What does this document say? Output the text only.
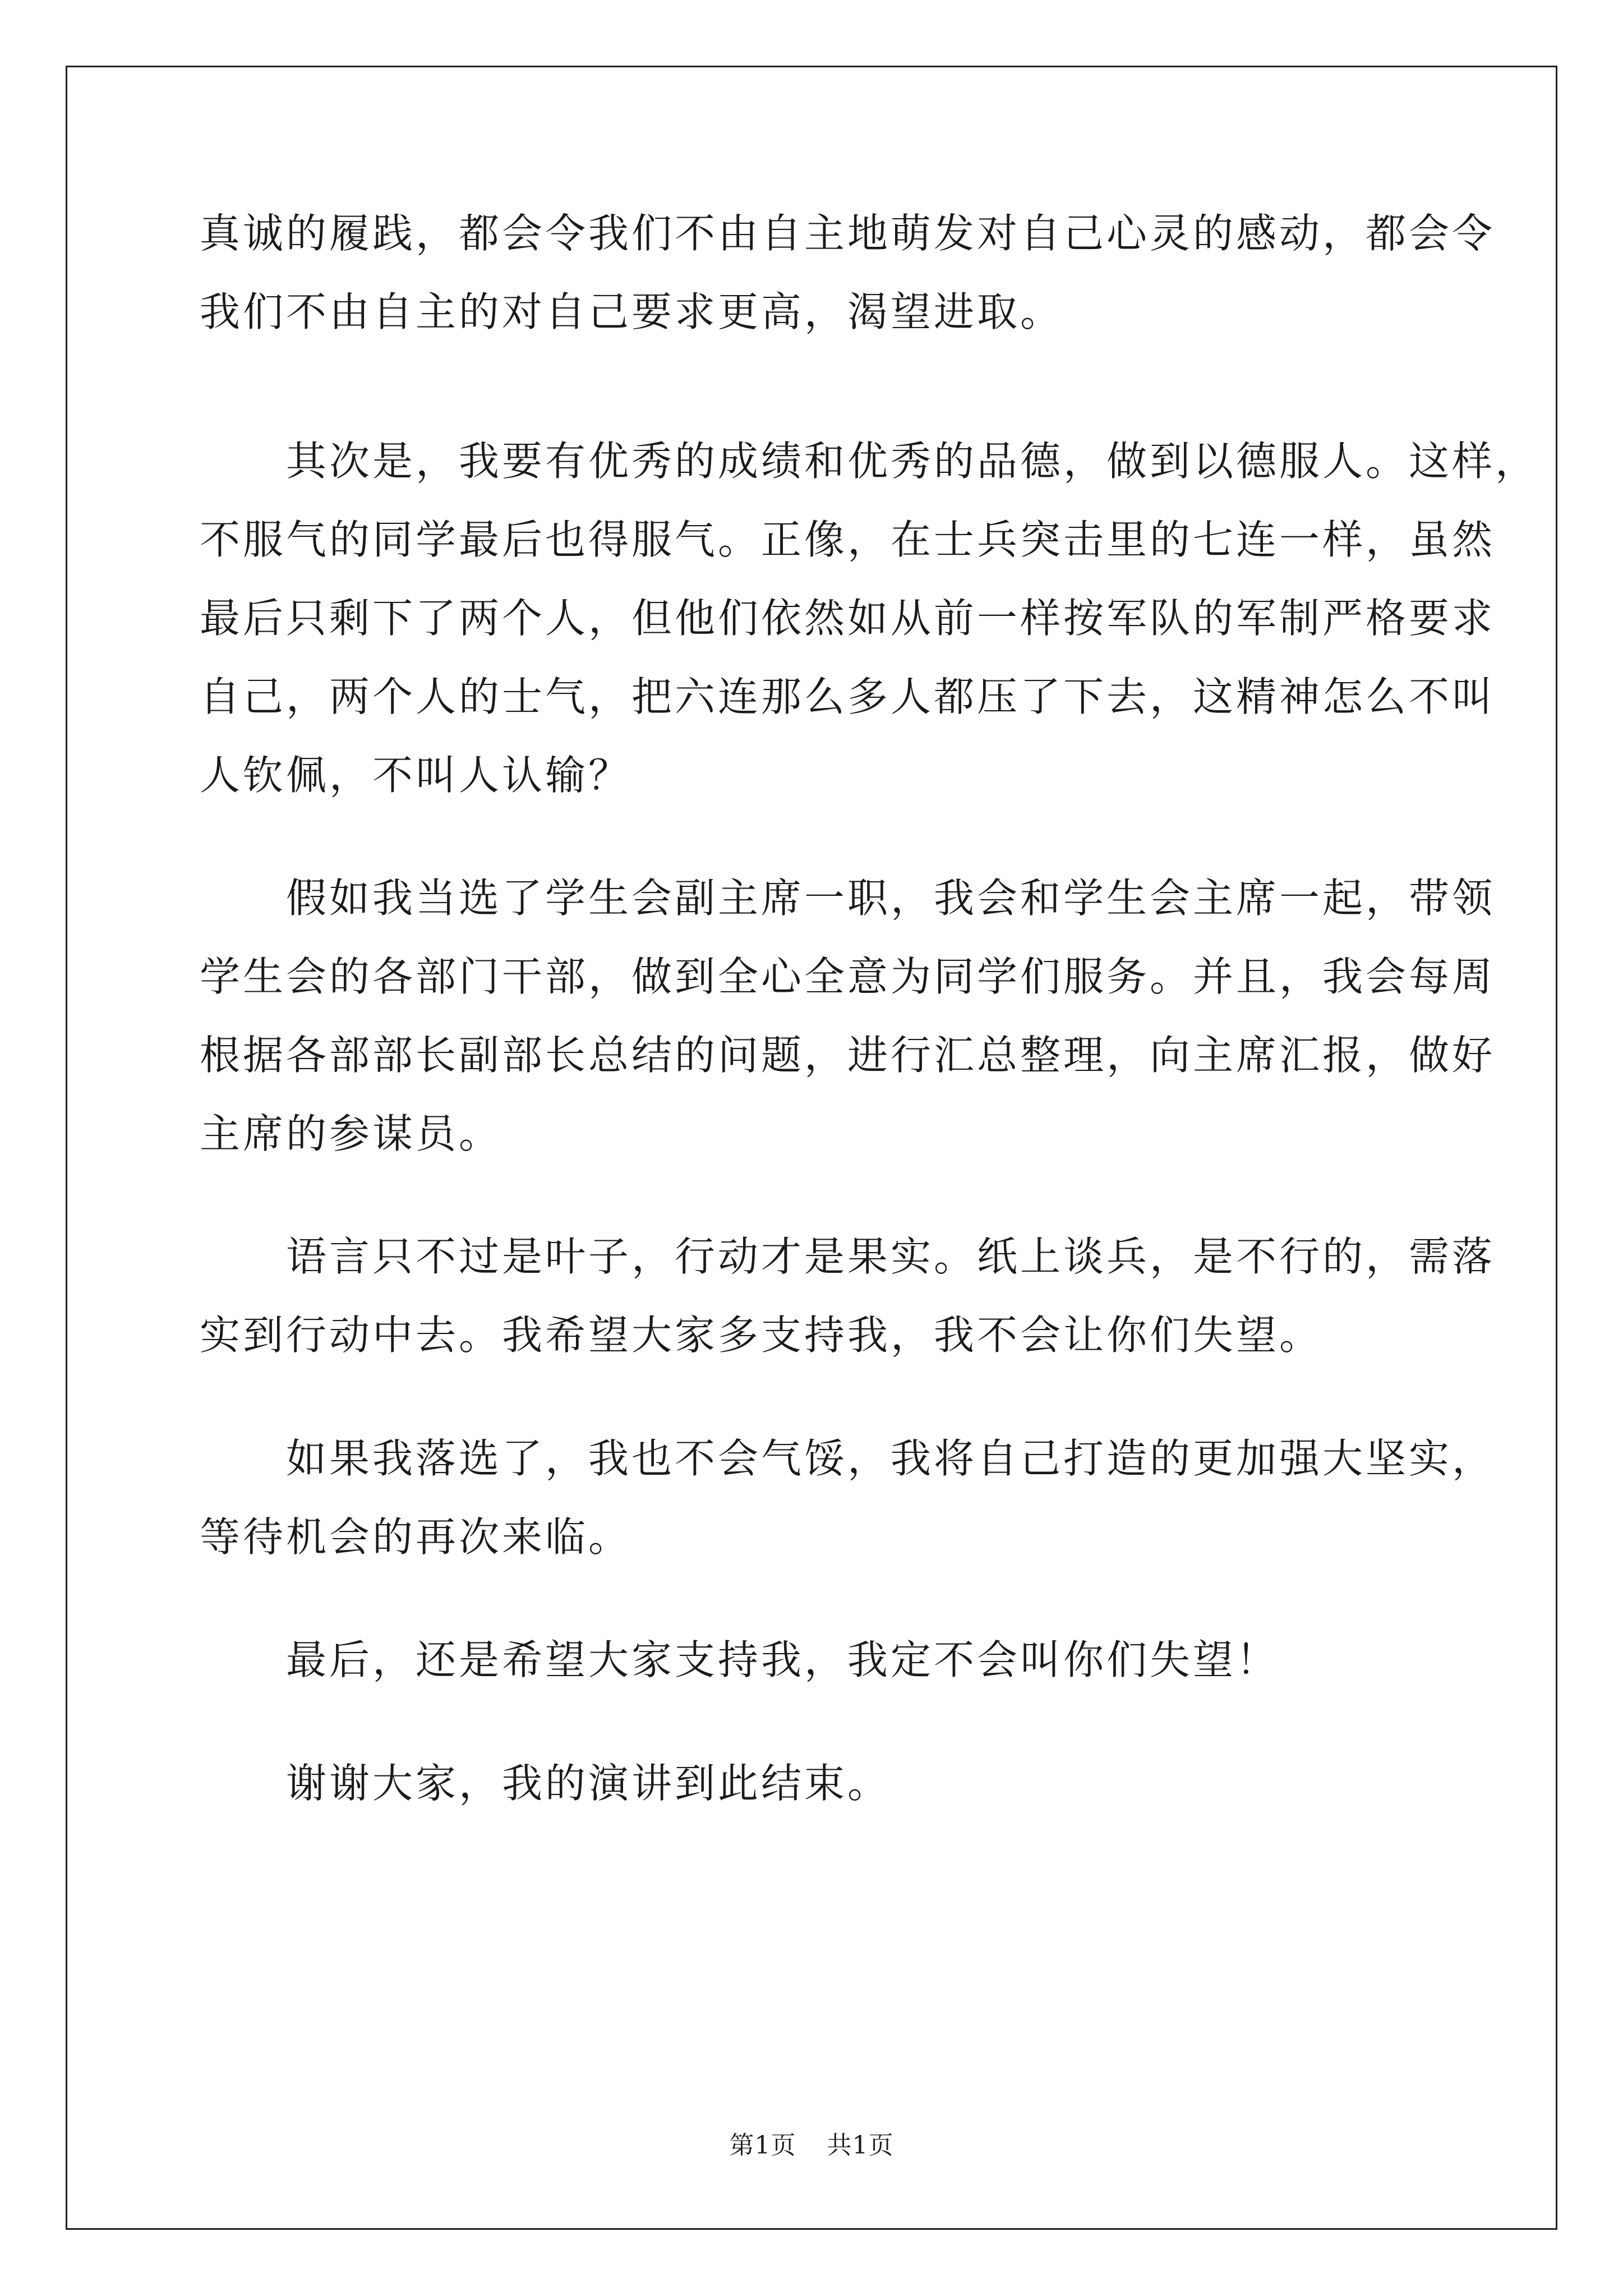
真诚的履践，都会令我们不由自主地萌发对自己心灵的感动，都会令
我们不由自主的对自己要求更高，渴望进取。
　　其次是，我要有优秀的成绩和优秀的品德，做到以德服人。这样，
不服气的同学最后也得服气。正像，在士兵突击里的七连一样，虽然
最后只剩下了两个人，但他们依然如从前一样按军队的军制严格要求
自己，两个人的士气，把六连那么多人都压了下去，这精神怎么不叫
人钦佩，不叫人认输？
　　假如我当选了学生会副主席一职，我会和学生会主席一起，带领
学生会的各部门干部，做到全心全意为同学们服务。并且，我会每周
根据各部部长副部长总结的问题，进行汇总整理，向主席汇报，做好
主席的参谋员。
　　语言只不过是叶子，行动才是果实。纸上谈兵，是不行的，需落
实到行动中去。我希望大家多支持我，我不会让你们失望。
　　如果我落选了，我也不会气馁，我将自己打造的更加强大坚实，
等待机会的再次来临。
　　最后，还是希望大家支持我，我定不会叫你们失望！
　　谢谢大家，我的演讲到此结束。
第1页 共1页
